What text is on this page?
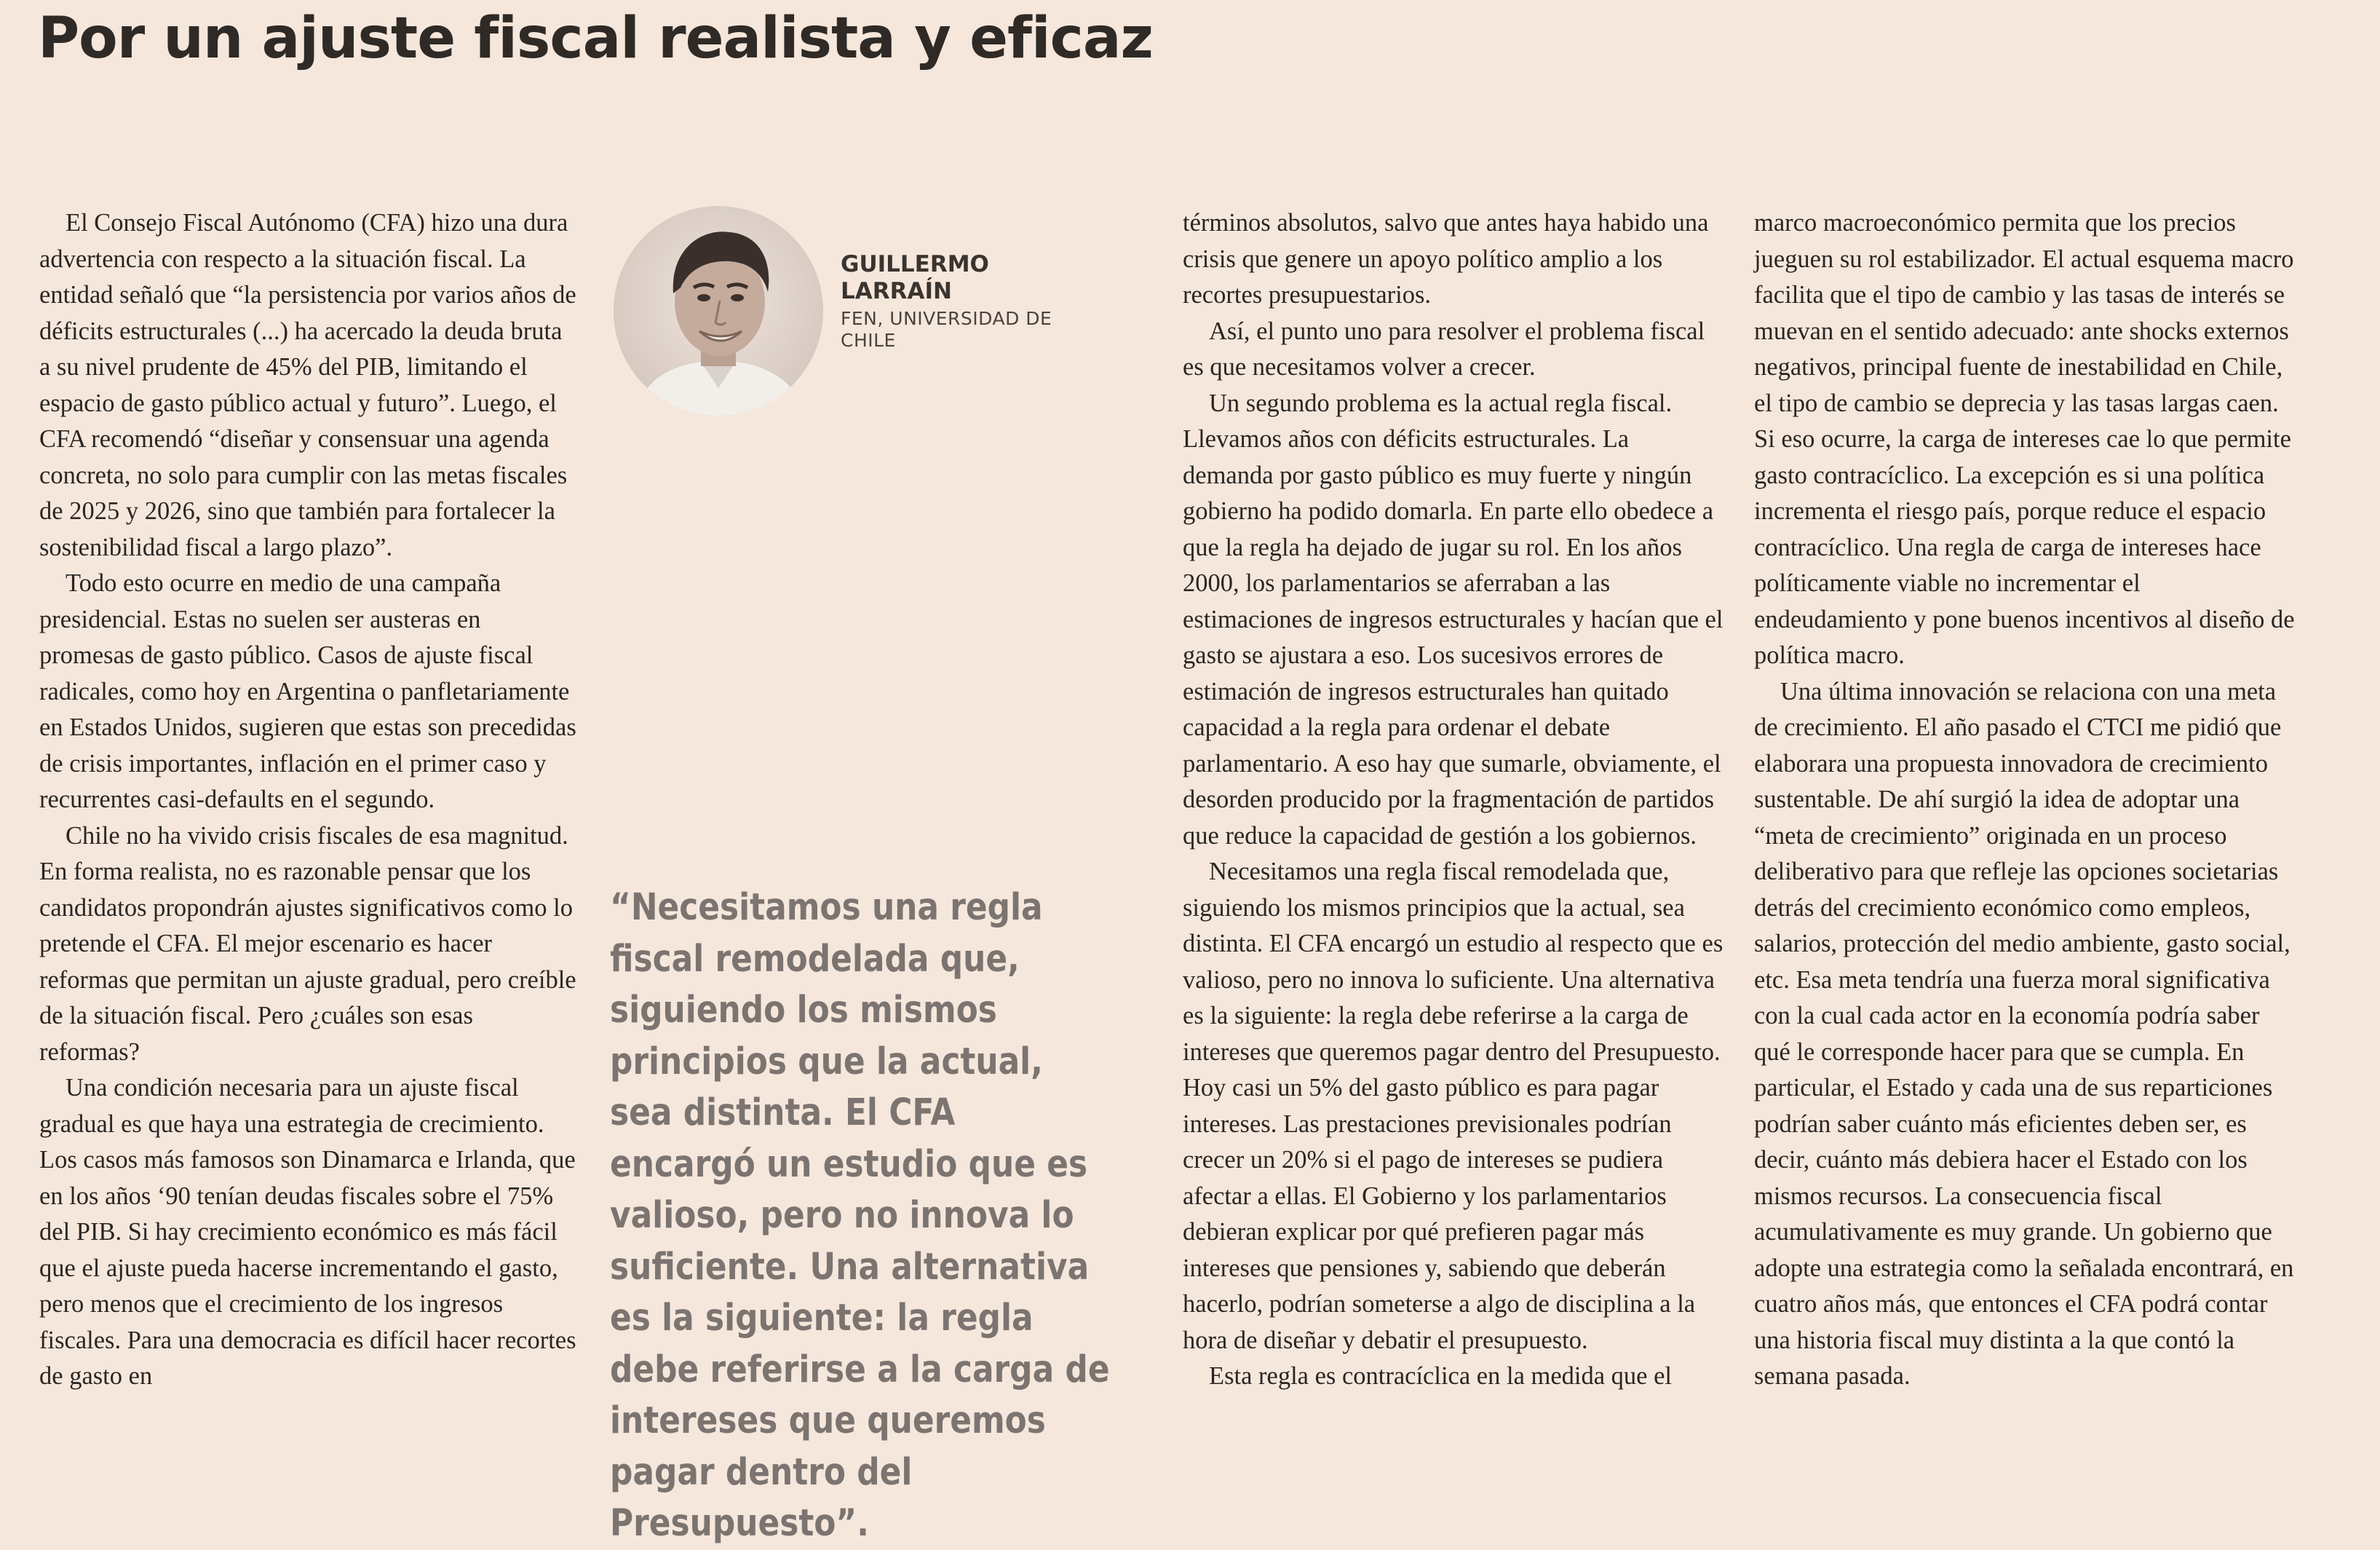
Por un ajuste fiscal realista y eficaz

El Consejo Fiscal Autónomo (CFA) hizo una dura advertencia con respecto a la situación fiscal. La entidad señaló que “la persistencia por varios años de déficits estructurales (...) ha acercado la deuda bruta a su nivel prudente de 45% del PIB, limitando el espacio de gasto público actual y futuro”. Luego, el CFA recomendó “diseñar y consensuar una agenda concreta, no solo para cumplir con las metas fiscales de 2025 y 2026, sino que también para fortalecer la sostenibilidad fiscal a largo plazo”.

Todo esto ocurre en medio de una campaña presidencial. Estas no suelen ser austeras en promesas de gasto público. Casos de ajuste fiscal radicales, como hoy en Argentina o panfletariamente en Estados Unidos, sugieren que estas son precedidas de crisis importantes, inflación en el primer caso y recurrentes casi-defaults en el segundo.

Chile no ha vivido crisis fiscales de esa magnitud. En forma realista, no es razonable pensar que los candidatos propondrán ajustes significativos como lo pretende el CFA. El mejor escenario es hacer reformas que permitan un ajuste gradual, pero creíble de la situación fiscal. Pero ¿cuáles son esas reformas?

Una condición necesaria para un ajuste fiscal gradual es que haya una estrategia de crecimiento. Los casos más famosos son Dinamarca e Irlanda, que en los años ‘90 tenían deudas fiscales sobre el 75% del PIB. Si hay crecimiento económico es más fácil que el ajuste pueda hacerse incrementando el gasto, pero menos que el crecimiento de los ingresos fiscales. Para una democracia es difícil hacer recortes de gasto en

GUILLERMO
LARRAÍN
FEN, UNIVERSIDAD DE
CHILE

“Necesitamos una regla fiscal remodelada que, siguiendo los mismos principios que la actual, sea distinta. El CFA encargó un estudio que es valioso, pero no innova lo suficiente. Una alternativa es la siguiente: la regla debe referirse a la carga de intereses que queremos pagar dentro del Presupuesto”.

términos absolutos, salvo que antes haya habido una crisis que genere un apoyo político amplio a los recortes presupuestarios.

Así, el punto uno para resolver el problema fiscal es que necesitamos volver a crecer.

Un segundo problema es la actual regla fiscal. Llevamos años con déficits estructurales. La demanda por gasto público es muy fuerte y ningún gobierno ha podido domarla. En parte ello obedece a que la regla ha dejado de jugar su rol. En los años 2000, los parlamentarios se aferraban a las estimaciones de ingresos estructurales y hacían que el gasto se ajustara a eso. Los sucesivos errores de estimación de ingresos estructurales han quitado capacidad a la regla para ordenar el debate parlamentario. A eso hay que sumarle, obviamente, el desorden producido por la fragmentación de partidos que reduce la capacidad de gestión a los gobiernos.

Necesitamos una regla fiscal remodelada que, siguiendo los mismos principios que la actual, sea distinta. El CFA encargó un estudio al respecto que es valioso, pero no innova lo suficiente. Una alternativa es la siguiente: la regla debe referirse a la carga de intereses que queremos pagar dentro del Presupuesto. Hoy casi un 5% del gasto público es para pagar intereses. Las prestaciones previsionales podrían crecer un 20% si el pago de intereses se pudiera afectar a ellas. El Gobierno y los parlamentarios debieran explicar por qué prefieren pagar más intereses que pensiones y, sabiendo que deberán hacerlo, podrían someterse a algo de disciplina a la hora de diseñar y debatir el presupuesto.

Esta regla es contracíclica en la medida que el

marco macroeconómico permita que los precios jueguen su rol estabilizador. El actual esquema macro facilita que el tipo de cambio y las tasas de interés se muevan en el sentido adecuado: ante shocks externos negativos, principal fuente de inestabilidad en Chile, el tipo de cambio se deprecia y las tasas largas caen. Si eso ocurre, la carga de intereses cae lo que permite gasto contracíclico. La excepción es si una política incrementa el riesgo país, porque reduce el espacio contracíclico. Una regla de carga de intereses hace políticamente viable no incrementar el endeudamiento y pone buenos incentivos al diseño de política macro.

Una última innovación se relaciona con una meta de crecimiento. El año pasado el CTCI me pidió que elaborara una propuesta innovadora de crecimiento sustentable. De ahí surgió la idea de adoptar una “meta de crecimiento” originada en un proceso deliberativo para que refleje las opciones societarias detrás del crecimiento económico como empleos, salarios, protección del medio ambiente, gasto social, etc. Esa meta tendría una fuerza moral significativa con la cual cada actor en la economía podría saber qué le corresponde hacer para que se cumpla. En particular, el Estado y cada una de sus reparticiones podrían saber cuánto más eficientes deben ser, es decir, cuánto más debiera hacer el Estado con los mismos recursos. La consecuencia fiscal acumulativamente es muy grande. Un gobierno que adopte una estrategia como la señalada encontrará, en cuatro años más, que entonces el CFA podrá contar una historia fiscal muy distinta a la que contó la semana pasada.
